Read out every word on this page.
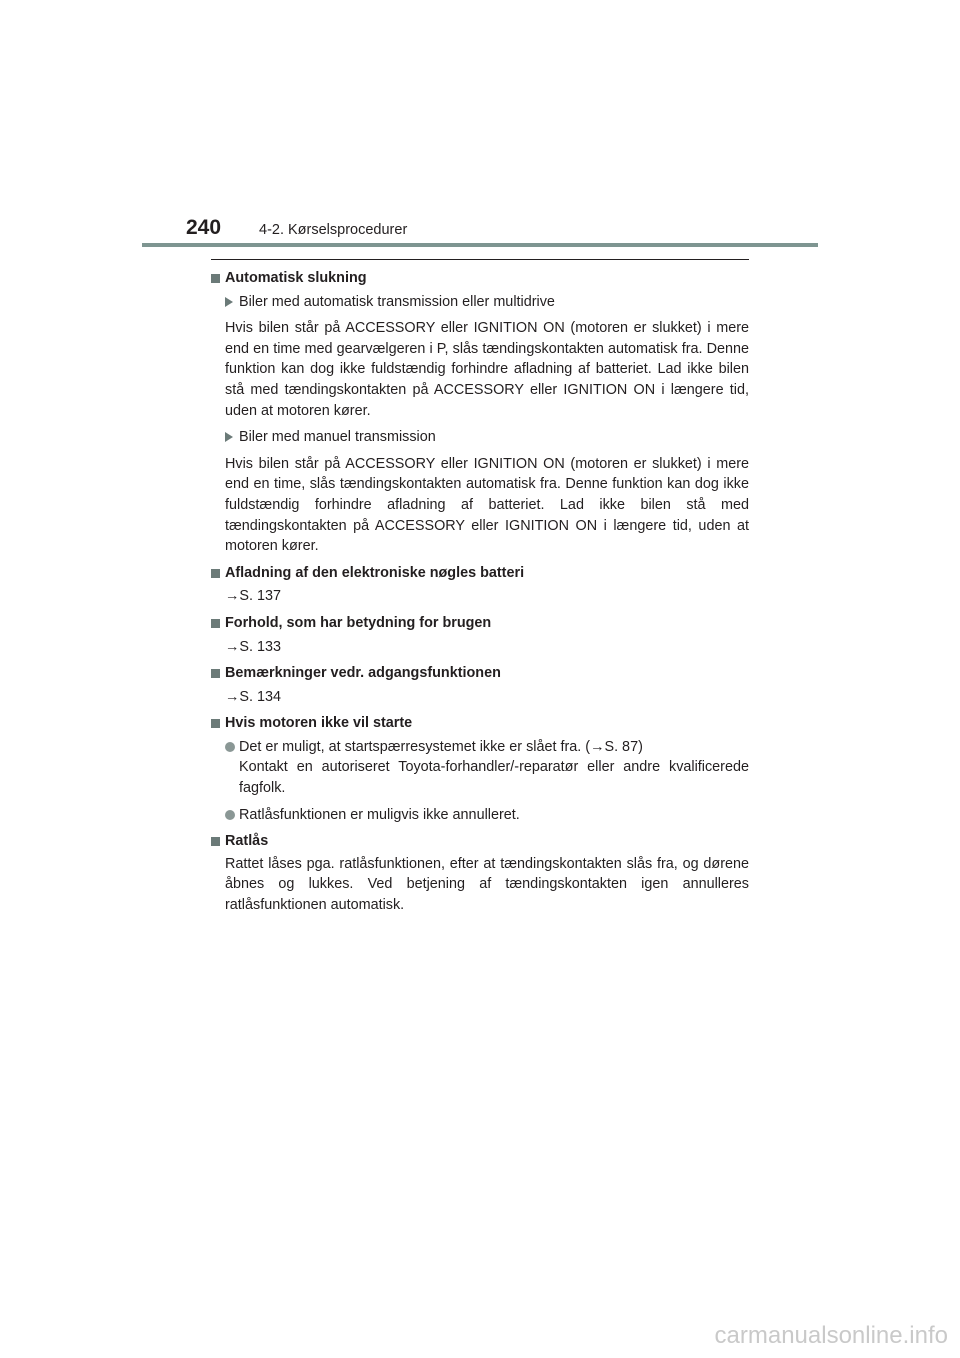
240	4-2. Kørselsprocedurer
Automatisk slukning
Biler med automatisk transmission eller multidrive
Hvis bilen står på ACCESSORY eller IGNITION ON (motoren er slukket) i mere end en time med gearvælgeren i P, slås tændingskontakten automatisk fra. Denne funktion kan dog ikke fuldstændig forhindre afladning af batteriet. Lad ikke bilen stå med tændingskontakten på ACCESSORY eller IGNITION ON i længere tid, uden at motoren kører.
Biler med manuel transmission
Hvis bilen står på ACCESSORY eller IGNITION ON (motoren er slukket) i mere end en time, slås tændingskontakten automatisk fra. Denne funktion kan dog ikke fuldstændig forhindre afladning af batteriet. Lad ikke bilen stå med tændingskontakten på ACCESSORY eller IGNITION ON i længere tid, uden at motoren kører.
Afladning af den elektroniske nøgles batteri
→S. 137
Forhold, som har betydning for brugen
→S. 133
Bemærkninger vedr. adgangsfunktionen
→S. 134
Hvis motoren ikke vil starte
Det er muligt, at startspærresystemet ikke er slået fra. (→S. 87)
Kontakt en autoriseret Toyota-forhandler/-reparatør eller andre kvalificerede fagfolk.
Ratlåsfunktionen er muligvis ikke annulleret.
Ratlås
Rattet låses pga. ratlåsfunktionen, efter at tændingskontakten slås fra, og dørene åbnes og lukkes. Ved betjening af tændingskontakten igen annulleres ratlåsfunktionen automatisk.
carmanualsonline.info
